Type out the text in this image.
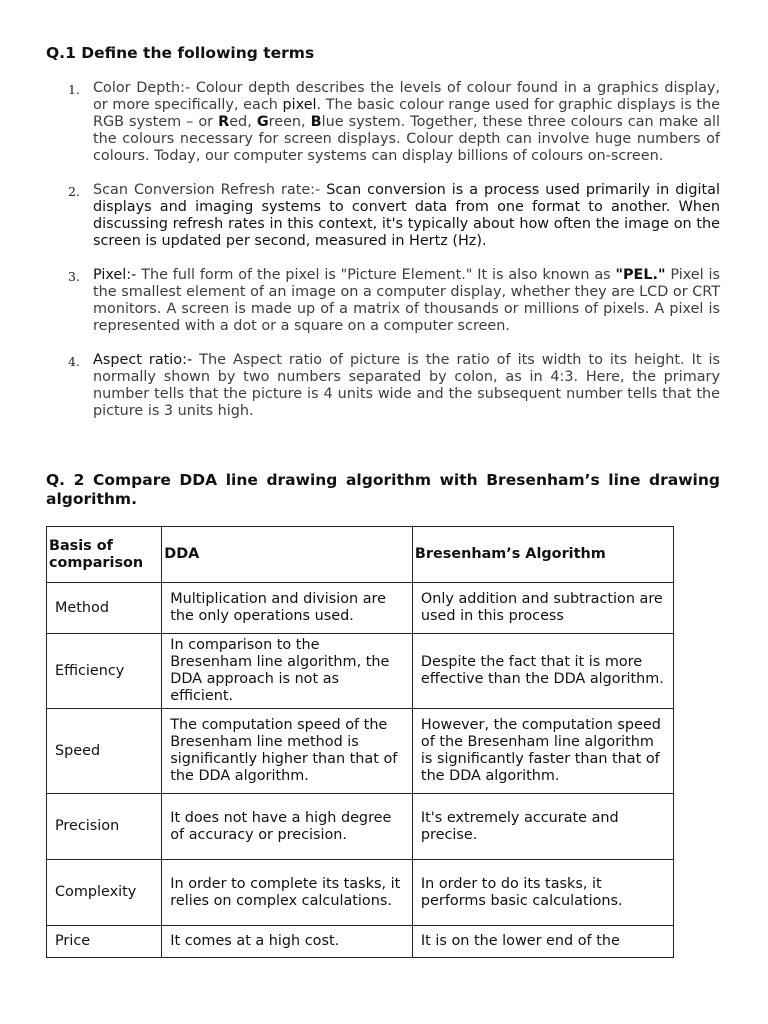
Q.1 Define the following terms
1. Color Depth:- Colour depth describes the levels of colour found in a graphics display, or more specifically, each pixel. The basic colour range used for graphic displays is the RGB system – or Red, Green, Blue system. Together, these three colours can make all the colours necessary for screen displays. Colour depth can involve huge numbers of colours. Today, our computer systems can display billions of colours on-screen.
2. Scan Conversion Refresh rate:- Scan conversion is a process used primarily in digital displays and imaging systems to convert data from one format to another. When discussing refresh rates in this context, it's typically about how often the image on the screen is updated per second, measured in Hertz (Hz).
3. Pixel:- The full form of the pixel is "Picture Element." It is also known as "PEL." Pixel is the smallest element of an image on a computer display, whether they are LCD or CRT monitors. A screen is made up of a matrix of thousands or millions of pixels. A pixel is represented with a dot or a square on a computer screen.
4. Aspect ratio:- The Aspect ratio of picture is the ratio of its width to its height. It is normally shown by two numbers separated by colon, as in 4:3. Here, the primary number tells that the picture is 4 units wide and the subsequent number tells that the picture is 3 units high.
Q. 2 Compare DDA line drawing algorithm with Bresenham’s line drawing algorithm.
Basis of comparison	DDA	Bresenham’s Algorithm
Method	Multiplication and division are the only operations used.	Only addition and subtraction are used in this process
Efficiency	In comparison to the Bresenham line algorithm, the DDA approach is not as efficient.	Despite the fact that it is more effective than the DDA algorithm.
Speed	The computation speed of the Bresenham line method is significantly higher than that of the DDA algorithm.	However, the computation speed of the Bresenham line algorithm is significantly faster than that of the DDA algorithm.
Precision	It does not have a high degree of accuracy or precision.	It's extremely accurate and precise.
Complexity	In order to complete its tasks, it relies on complex calculations.	In order to do its tasks, it performs basic calculations.
Price	It comes at a high cost.	It is on the lower end of the
